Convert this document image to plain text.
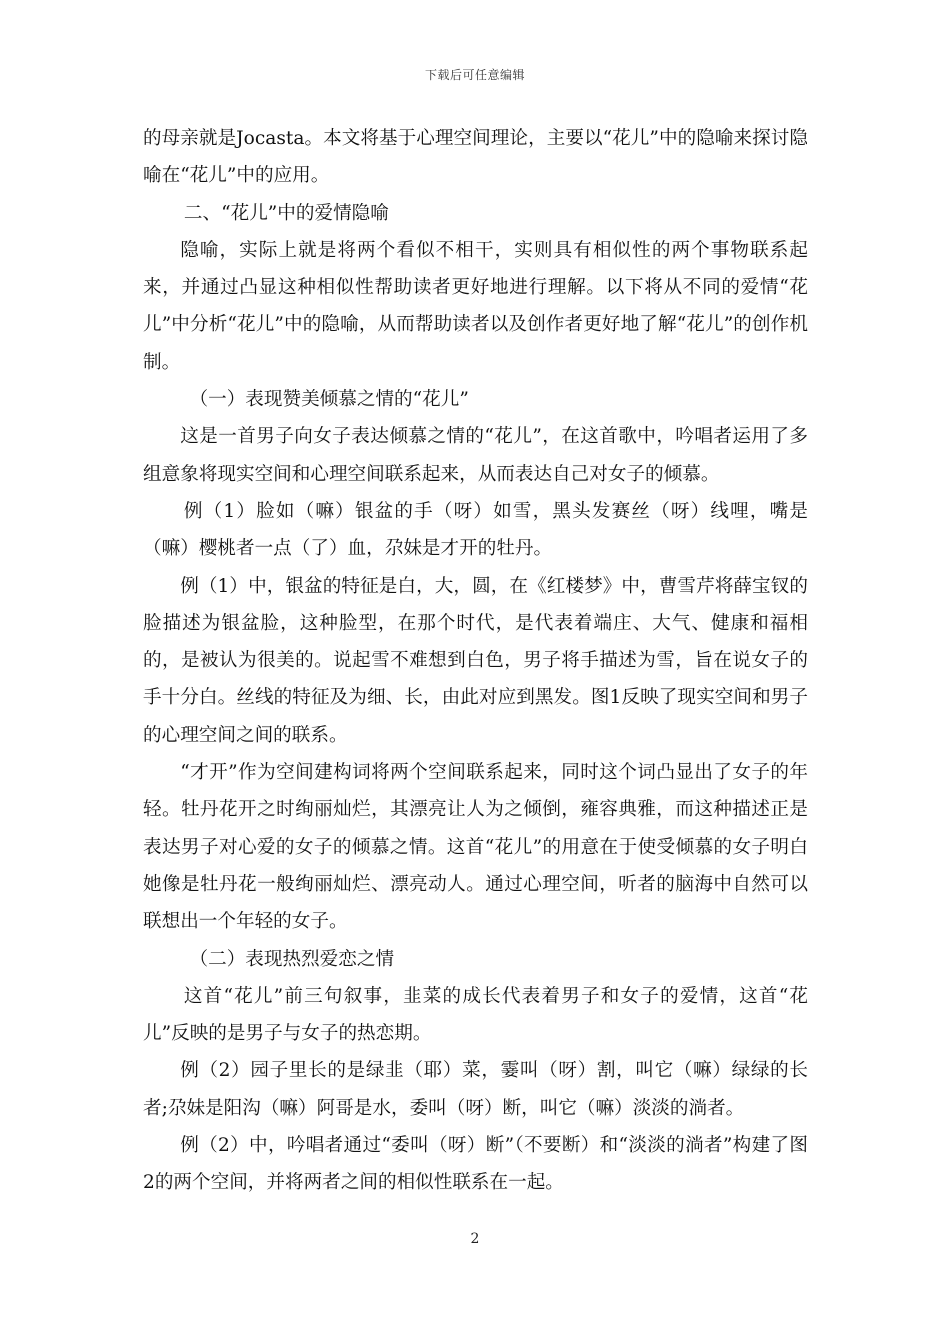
下载后可任意编辑

的母亲就是Jocasta。本文将基于心理空间理论，主要以“花儿”中的隐喻来探讨隐喻在“花儿”中的应用。

二、“花儿”中的爱情隐喻

隐喻，实际上就是将两个看似不相干，实则具有相似性的两个事物联系起来，并通过凸显这种相似性帮助读者更好地进行理解。以下将从不同的爱情“花儿”中分析“花儿”中的隐喻，从而帮助读者以及创作者更好地了解“花儿”的创作机制。

（一）表现赞美倾慕之情的“花儿”

这是一首男子向女子表达倾慕之情的“花儿”，在这首歌中，吟唱者运用了多组意象将现实空间和心理空间联系起来，从而表达自己对女子的倾慕。

例（1）脸如（嘛）银盆的手（呀）如雪，黑头发赛丝（呀）线哩，嘴是（嘛）樱桃者一点（了）血，尕妹是才开的牡丹。

例（1）中，银盆的特征是白，大，圆，在《红楼梦》中，曹雪芹将薛宝钗的脸描述为银盆脸，这种脸型，在那个时代，是代表着端庄、大气、健康和福相的，是被认为很美的。说起雪不难想到白色，男子将手描述为雪，旨在说女子的手十分白。丝线的特征及为细、长，由此对应到黑发。图1反映了现实空间和男子的心理空间之间的联系。

“才开”作为空间建构词将两个空间联系起来，同时这个词凸显出了女子的年轻。牡丹花开之时绚丽灿烂，其漂亮让人为之倾倒，雍容典雅，而这种描述正是表达男子对心爱的女子的倾慕之情。这首“花儿”的用意在于使受倾慕的女子明白她像是牡丹花一般绚丽灿烂、漂亮动人。通过心理空间，听者的脑海中自然可以联想出一个年轻的女子。

（二）表现热烈爱恋之情

这首“花儿”前三句叙事，韭菜的成长代表着男子和女子的爱情，这首“花儿”反映的是男子与女子的热恋期。

例（2）园子里长的是绿韭（耶）菜，霎叫（呀）割，叫它（嘛）绿绿的长者;尕妹是阳沟（嘛）阿哥是水，委叫（呀）断，叫它（嘛）淡淡的淌者。

例（2）中，吟唱者通过“委叫（呀）断”（不要断）和“淡淡的淌者”构建了图2的两个空间，并将两者之间的相似性联系在一起。

2
